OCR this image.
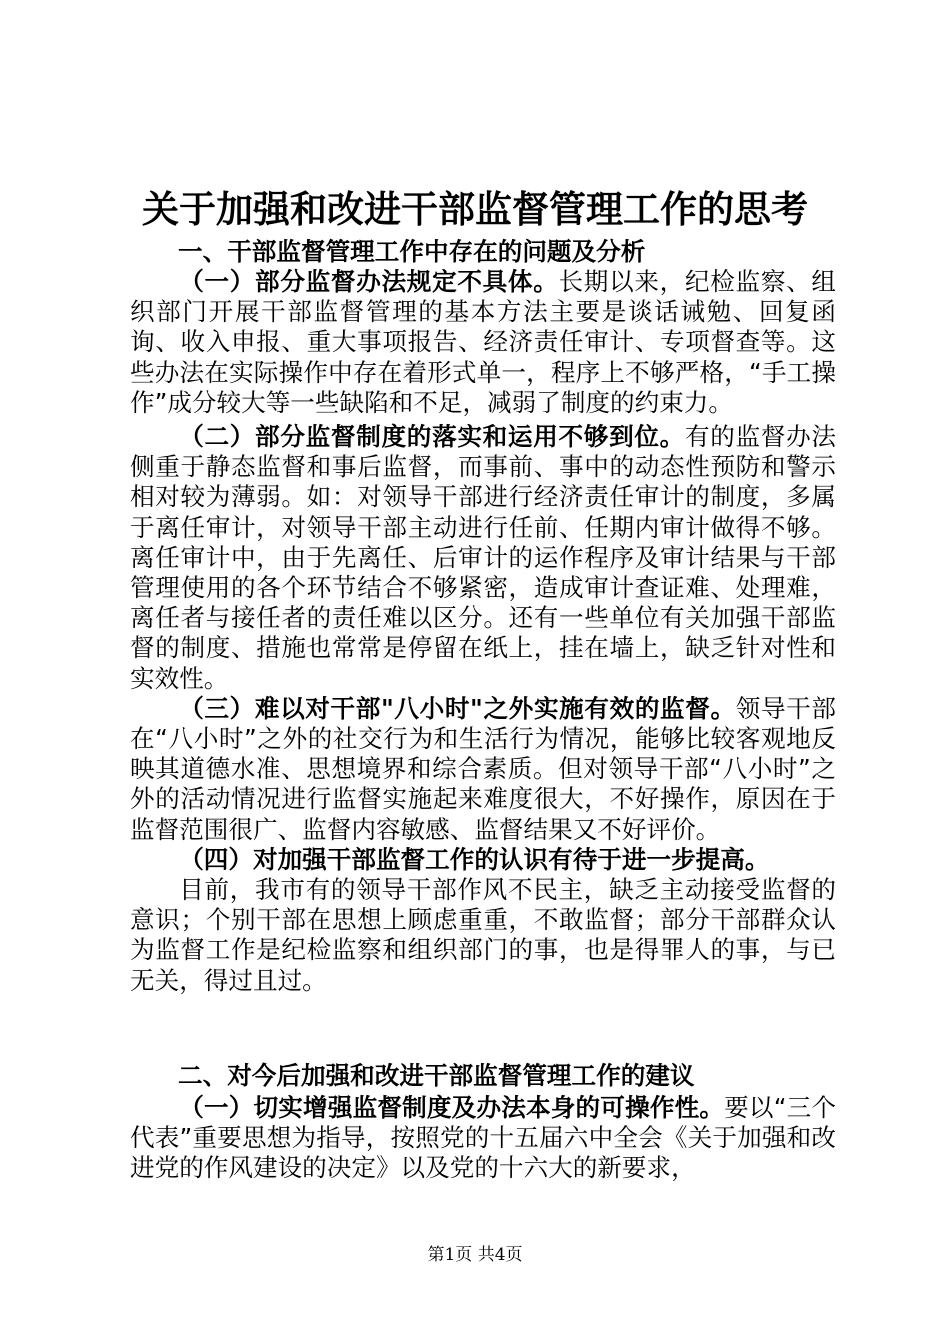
关于加强和改进干部监督管理工作的思考
一、干部监督管理工作中存在的问题及分析

（一）部分监督办法规定不具体。长期以来，纪检监察、组织部门开展干部监督管理的基本方法主要是谈话诫勉、回复函询、收入申报、重大事项报告、经济责任审计、专项督查等。这些办法在实际操作中存在着形式单一，程序上不够严格，“手工操作”成分较大等一些缺陷和不足，减弱了制度的约束力。

（二）部分监督制度的落实和运用不够到位。有的监督办法侧重于静态监督和事后监督，而事前、事中的动态性预防和警示相对较为薄弱。如：对领导干部进行经济责任审计的制度，多属于离任审计，对领导干部主动进行任前、任期内审计做得不够。离任审计中，由于先离任、后审计的运作程序及审计结果与干部管理使用的各个环节结合不够紧密，造成审计查证难、处理难，离任者与接任者的责任难以区分。还有一些单位有关加强干部监督的制度、措施也常常是停留在纸上，挂在墙上，缺乏针对性和实效性。

（三）难以对干部"八小时"之外实施有效的监督。领导干部在“八小时”之外的社交行为和生活行为情况，能够比较客观地反映其道德水准、思想境界和综合素质。但对领导干部“八小时”之外的活动情况进行监督实施起来难度很大，不好操作，原因在于监督范围很广、监督内容敏感、监督结果又不好评价。

（四）对加强干部监督工作的认识有待于进一步提高。

目前，我市有的领导干部作风不民主，缺乏主动接受监督的意识；个别干部在思想上顾虑重重，不敢监督；部分干部群众认为监督工作是纪检监察和组织部门的事，也是得罪人的事，与已无关，得过且过。

二、对今后加强和改进干部监督管理工作的建议

（一）切实增强监督制度及办法本身的可操作性。要以“三个代表”重要思想为指导，按照党的十五届六中全会《关于加强和改进党的作风建设的决定》以及党的十六大的新要求，

第1页 共4页
